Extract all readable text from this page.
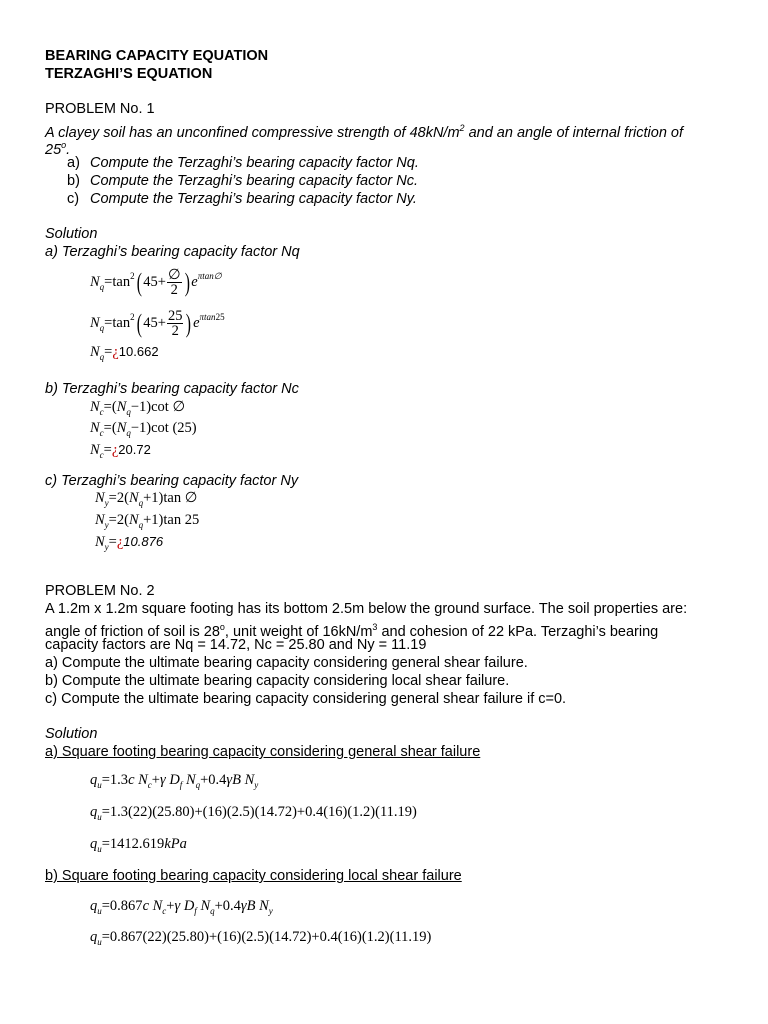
BEARING CAPACITY EQUATION
TERZAGHI’S EQUATION
PROBLEM No. 1
A clayey soil has an unconfined compressive strength of $48kN/m^2$ and an angle of internal friction of
25$^o$.
a) Compute the Terzaghi’s bearing capacity factor Nq.
b) Compute the Terzaghi’s bearing capacity factor Nc.
c) Compute the Terzaghi’s bearing capacity factor Ny.
Solution
a) Terzaghi’s bearing capacity factor Nq
$N_q=\tan^2$( $45+ \frac{\emptyset}{2}$ ) $e^{\pi tan\emptyset}$
$N_q=\tan^2$( $45+ \frac{25}{2}$ ) $e^{\pi tan25}$
$N_q=¿10.662$
b) Terzaghi’s bearing capacity factor Nc
$N_c=(N_q-1)\cot$ ∅
$N_c=(N_q-1)\cot$ (25)
$N_c=¿20.72$
c) Terzaghi’s bearing capacity factor Ny
$N_y=2(N_q+1)\tan$ ∅
$N_y=2(N_q+1)\tan$ 25
$N_y=¿10.876$
PROBLEM No. 2
A 1.2m x 1.2m square footing has its bottom 2.5m below the ground surface. The soil properties are:
angle of friction of soil is 28$^o$, unit weight of $16kN/m^3$ and cohesion of 22 kPa. Terzaghi’s bearing
capacity factors are Nq = 14.72, Nc = 25.80 and Ny = 11.19
a) Compute the ultimate bearing capacity considering general shear failure.
b) Compute the ultimate bearing capacity considering local shear failure.
c) Compute the ultimate bearing capacity considering general shear failure if c=0.
Solution
a) Square footing bearing capacity considering general shear failure
$q_u=1.3c$ $N_c+\gamma$ $D_f$ $N_q+0.4\gamma B$ $N_y$
$q_u=1.3(22)(25.80)+(16)(2.5)(14.72)+0.4(16)(1.2)(11.19)$
$q_u=1412.619kPa$
b) Square footing bearing capacity considering local shear failure
$q_u=0.867c$ $N_c+\gamma$ $D_f$ $N_q+0.4\gamma B$ $N_y$
$q_u=0.867(22)(25.80)+(16)(2.5)(14.72)+0.4(16)(1.2)(11.19)$
